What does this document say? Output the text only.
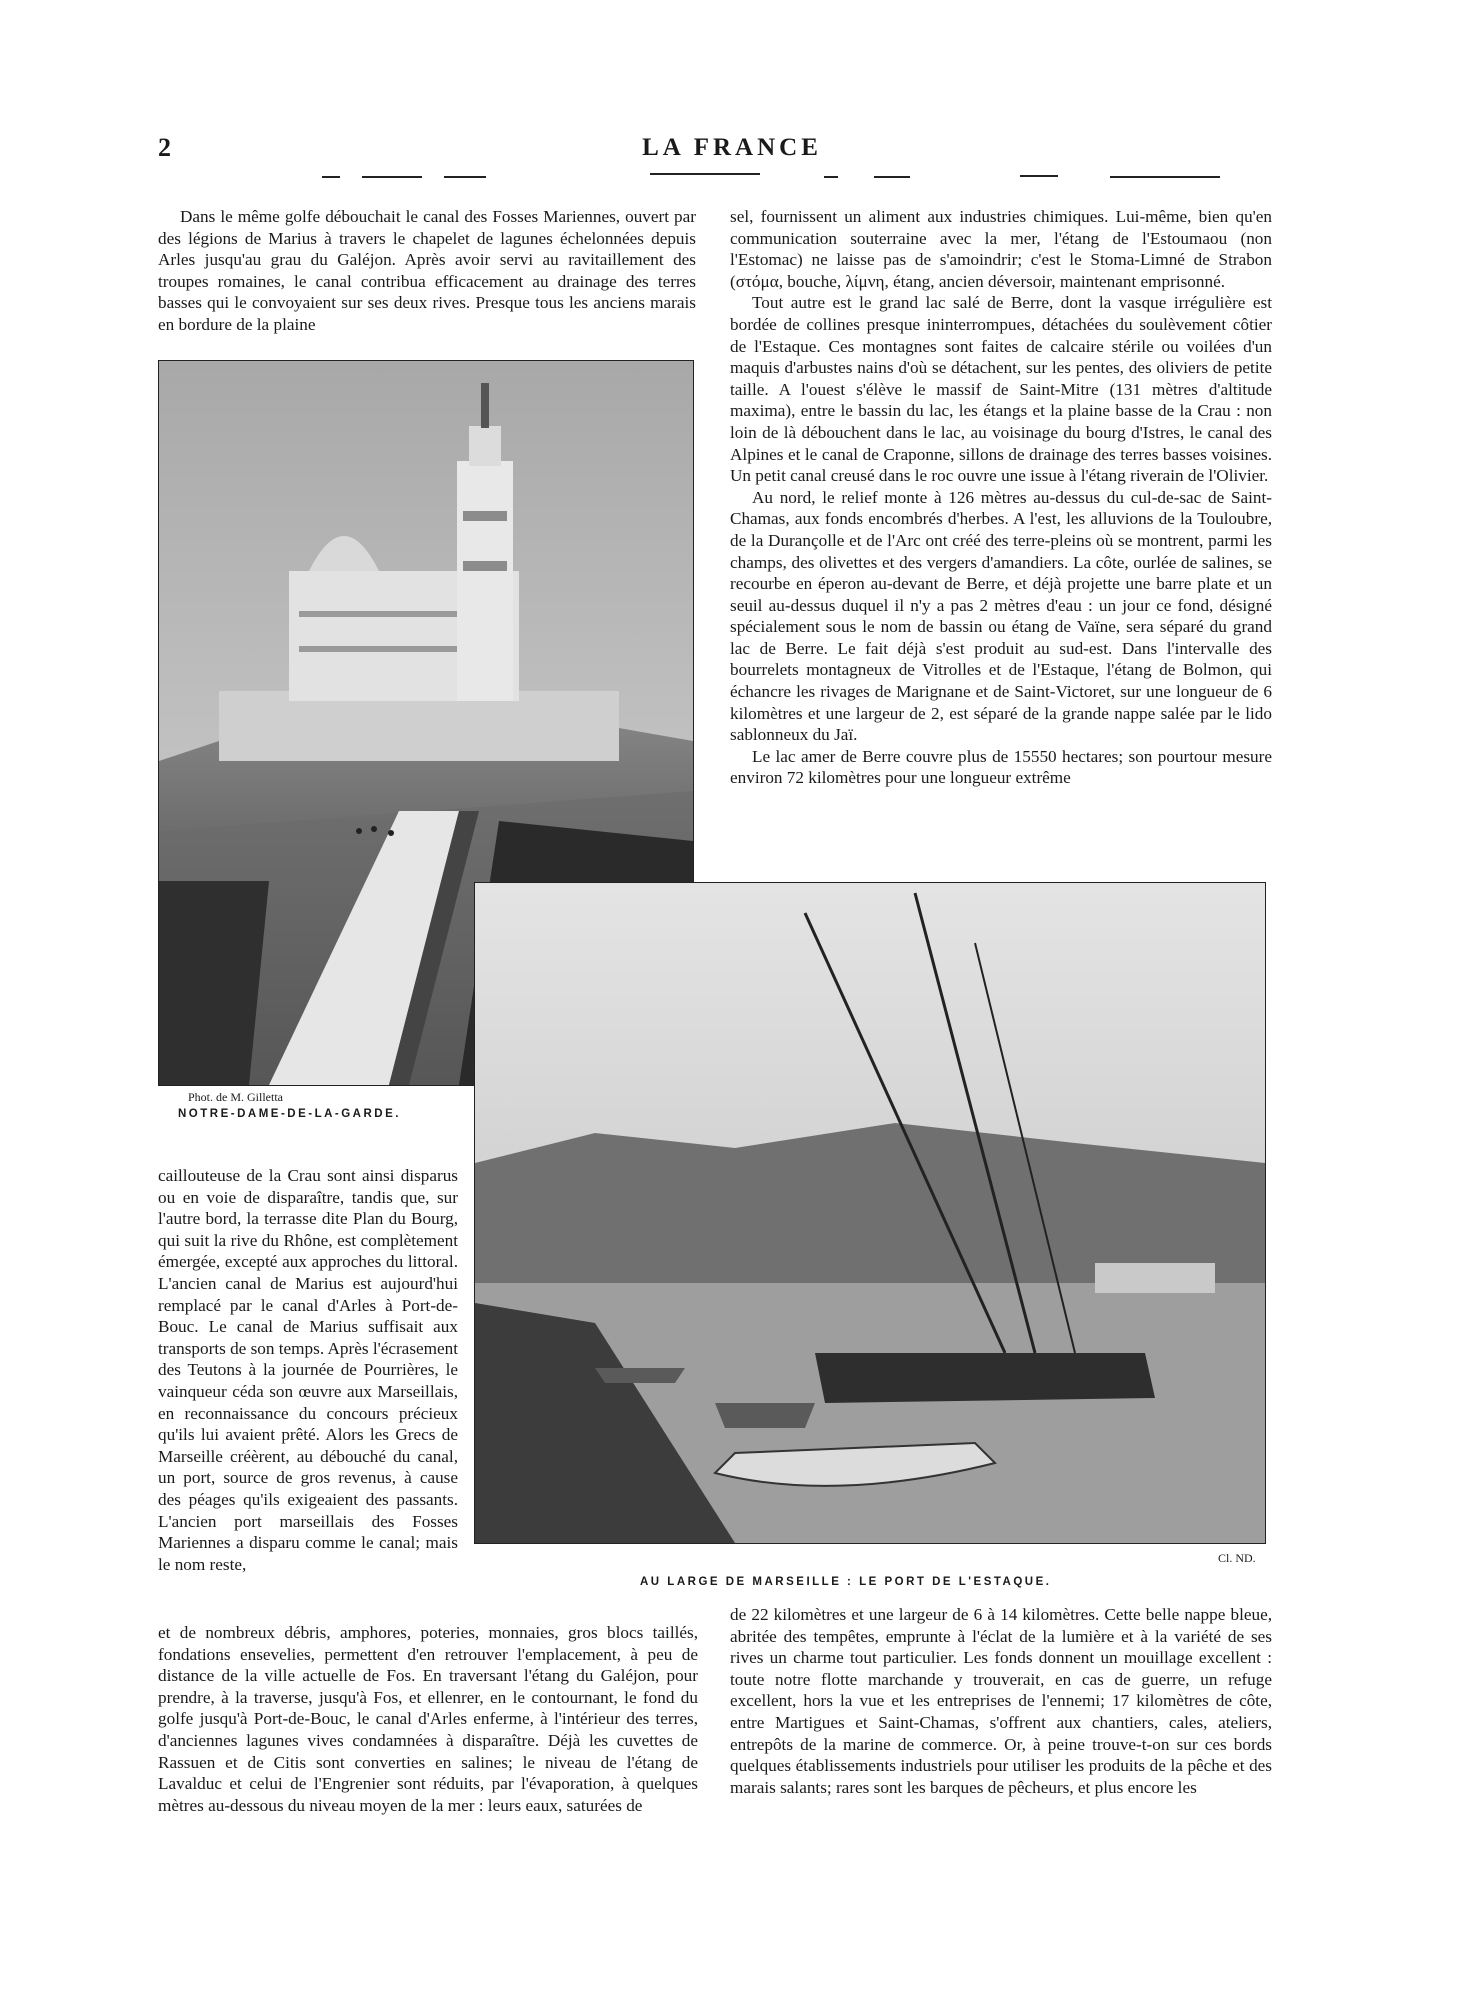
2	LA FRANCE

Dans le même golfe débouchait le canal des Fosses Mariennes, ouvert par des légions de Marius à travers le chapelet de lagunes échelonnées depuis Arles jusqu'au grau du Galéjon. Après avoir servi au ravitaillement des troupes romaines, le canal contribua efficacement au drainage des terres basses qui le convoyaient sur ses deux rives. Presque tous les anciens marais en bordure de la plaine

sel, fournissent un aliment aux industries chimiques. Lui-même, bien qu'en communication souterraine avec la mer, l'étang de l'Estoumaou (non l'Estomac) ne laisse pas de s'amoindrir; c'est le Stoma-Limné de Strabon (στόμα, bouche, λίμνη, étang, ancien déversoir, maintenant emprisonné.

Tout autre est le grand lac salé de Berre, dont la vasque irrégulière est bordée de collines presque ininterrompues, détachées du soulèvement côtier de l'Estaque. Ces montagnes sont faites de calcaire stérile ou voilées d'un maquis d'arbustes nains d'où se détachent, sur les pentes, des oliviers de petite taille. A l'ouest s'élève le massif de Saint-Mitre (131 mètres d'altitude maxima), entre le bassin du lac, les étangs et la plaine basse de la Crau : non loin de là débouchent dans le lac, au voisinage du bourg d'Istres, le canal des Alpines et le canal de Craponne, sillons de drainage des terres basses voisines. Un petit canal creusé dans le roc ouvre une issue à l'étang riverain de l'Olivier.

Au nord, le relief monte à 126 mètres au-dessus du cul-de-sac de Saint-Chamas, aux fonds encombrés d'herbes. A l'est, les alluvions de la Touloubre, de la Durançolle et de l'Arc ont créé des terre-pleins où se montrent, parmi les champs, des olivettes et des vergers d'amandiers. La côte, ourlée de salines, se recourbe en éperon au-devant de Berre, et déjà projette une barre plate et un seuil au-dessus duquel il n'y a pas 2 mètres d'eau : un jour ce fond, désigné spécialement sous le nom de bassin ou étang de Vaïne, sera séparé du grand lac de Berre. Le fait déjà s'est produit au sud-est. Dans l'intervalle des bourrelets montagneux de Vitrolles et de l'Estaque, l'étang de Bolmon, qui échancre les rivages de Marignane et de Saint-Victoret, sur une longueur de 6 kilomètres et une largeur de 2, est séparé de la grande nappe salée par le lido sablonneux du Jaï.

Le lac amer de Berre couvre plus de 15550 hectares; son pourtour mesure environ 72 kilomètres pour une longueur extrême

Phot. de M. Gilletta
NOTRE-DAME-DE-LA-GARDE.
Cl. ND.
AU LARGE DE MARSEILLE : LE PORT DE L'ESTAQUE.

caillouteuse de la Crau sont ainsi disparus ou en voie de disparaître, tandis que, sur l'autre bord, la terrasse dite Plan du Bourg, qui suit la rive du Rhône, est complètement émergée, excepté aux approches du littoral. L'ancien canal de Marius est aujourd'hui remplacé par le canal d'Arles à Port-de-Bouc. Le canal de Marius suffisait aux transports de son temps. Après l'écrasement des Teutons à la journée de Pourrières, le vainqueur céda son œuvre aux Marseillais, en reconnaissance du concours précieux qu'ils lui avaient prêté. Alors les Grecs de Marseille créèrent, au débouché du canal, un port, source de gros revenus, à cause des péages qu'ils exigeaient des passants. L'ancien port marseillais des Fosses Mariennes a disparu comme le canal; mais le nom reste,

et de nombreux débris, amphores, poteries, monnaies, gros blocs taillés, fondations ensevelies, permettent d'en retrouver l'emplacement, à peu de distance de la ville actuelle de Fos. En traversant l'étang du Galéjon, pour prendre, à la traverse, jusqu'à Fos, et ellenrer, en le contournant, le fond du golfe jusqu'à Port-de-Bouc, le canal d'Arles enferme, à l'intérieur des terres, d'anciennes lagunes vives condamnées à disparaître. Déjà les cuvettes de Rassuen et de Citis sont converties en salines; le niveau de l'étang de Lavalduc et celui de l'Engrenier sont réduits, par l'évaporation, à quelques mètres au-dessous du niveau moyen de la mer : leurs eaux, saturées de

de 22 kilomètres et une largeur de 6 à 14 kilomètres. Cette belle nappe bleue, abritée des tempêtes, emprunte à l'éclat de la lumière et à la variété de ses rives un charme tout particulier. Les fonds donnent un mouillage excellent : toute notre flotte marchande y trouverait, en cas de guerre, un refuge excellent, hors la vue et les entreprises de l'ennemi; 17 kilomètres de côte, entre Martigues et Saint-Chamas, s'offrent aux chantiers, cales, ateliers, entrepôts de la marine de commerce. Or, à peine trouve-t-on sur ces bords quelques établissements industriels pour utiliser les produits de la pêche et des marais salants; rares sont les barques de pêcheurs, et plus encore les
